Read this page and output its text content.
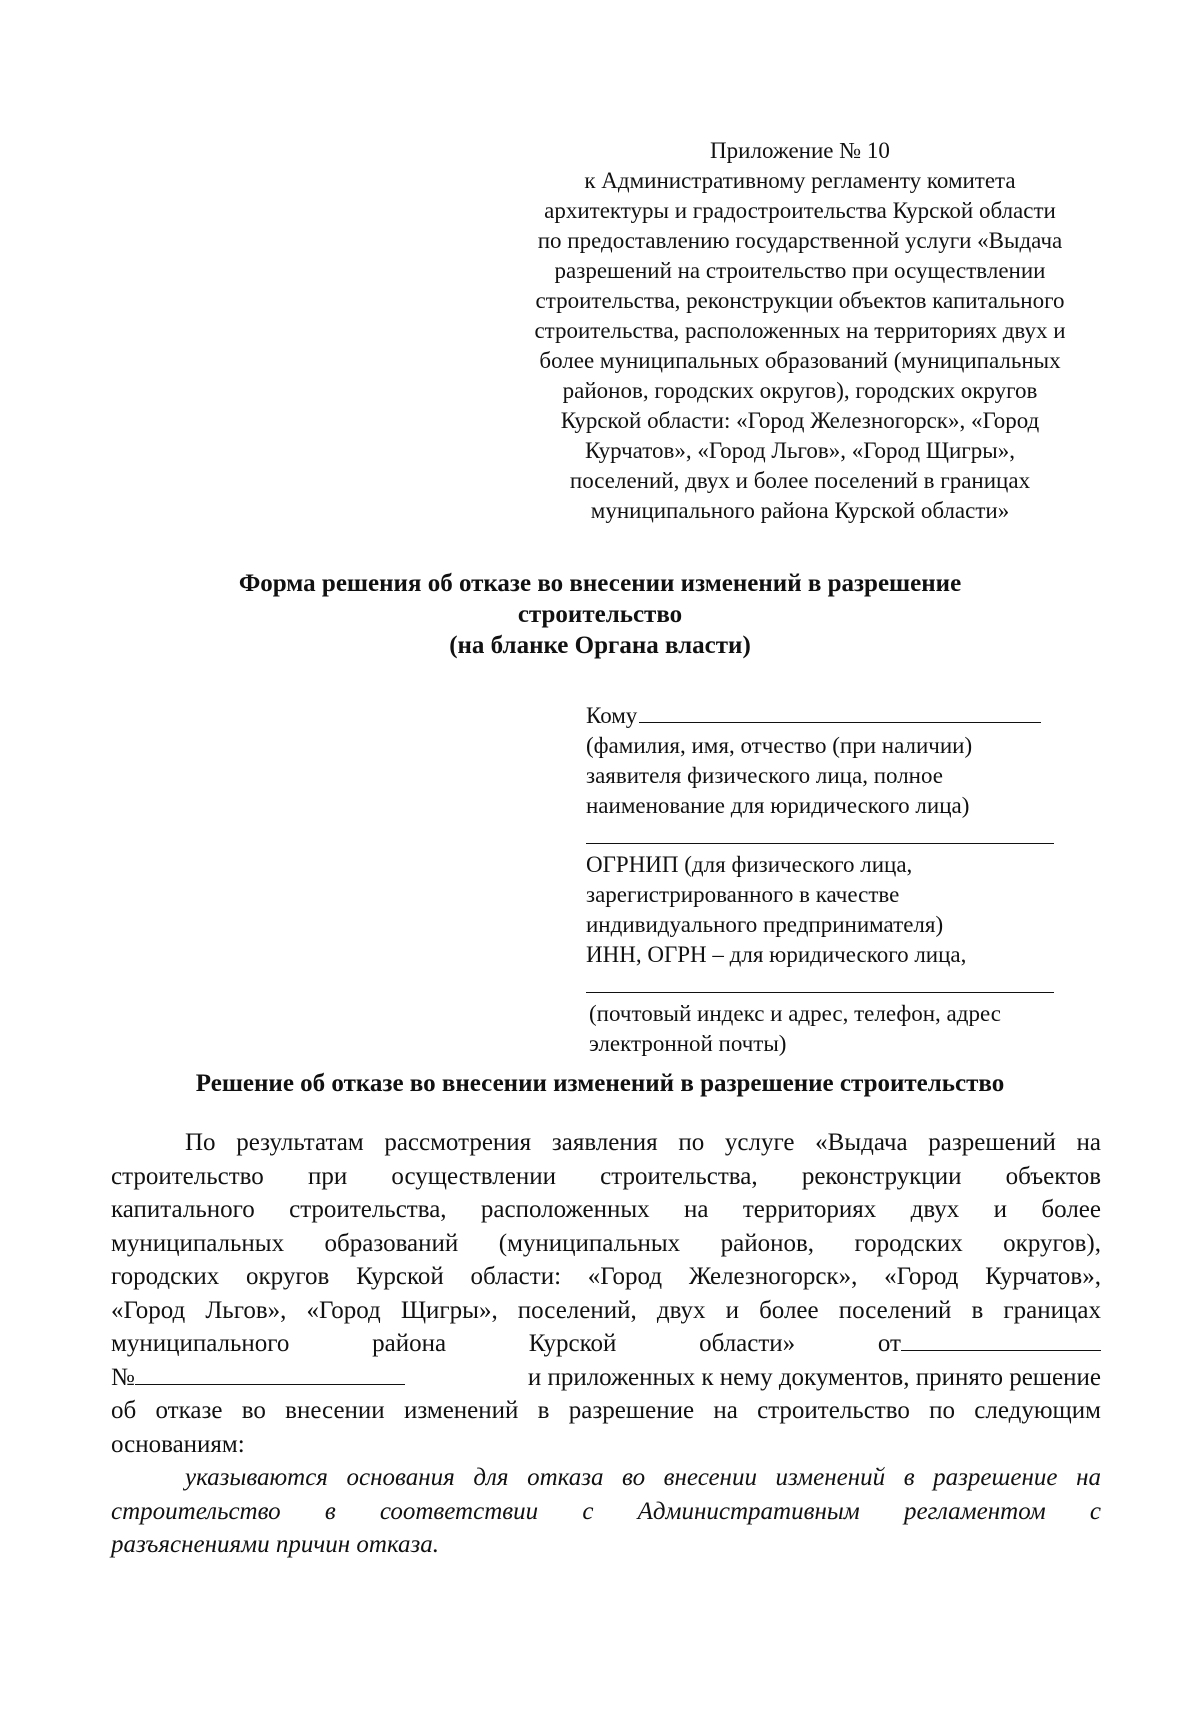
Приложение № 10
к Административному регламенту комитета
архитектуры и градостроительства Курской области
по предоставлению государственной услуги «Выдача
разрешений на строительство при осуществлении
строительства, реконструкции объектов капитального
строительства, расположенных на территориях двух и
более муниципальных образований (муниципальных
районов, городских округов), городских округов
Курской области: «Город Железногорск», «Город
Курчатов», «Город Льгов», «Город Щигры»,
поселений, двух и более поселений в границах
муниципального района Курской области»
Форма решения об отказе во внесении изменений в разрешение
строительство
(на бланке Органа власти)
Кому
(фамилия, имя, отчество (при наличии)
заявителя физического лица, полное
наименование для юридического лица)
ОГРНИП (для физического лица,
зарегистрированного в качестве
индивидуального предпринимателя)
ИНН, ОГРН – для юридического лица,
(почтовый индекс и адрес, телефон, адрес
электронной почты)
Решение об отказе во внесении изменений в разрешение строительство
По результатам рассмотрения заявления по услуге «Выдача разрешений на
строительство при осуществлении строительства, реконструкции объектов
капитального строительства, расположенных на территориях двух и более
муниципальных образований (муниципальных районов, городских округов),
городских округов Курской области: «Город Железногорск», «Город Курчатов»,
«Город Льгов», «Город Щигры», поселений, двух и более поселений в границах
муниципального	района	Курской	области»	от
№	и приложенных к нему документов, принято решение
об отказе во внесении изменений в разрешение на строительство по следующим
основаниям:
указываются основания для отказа во внесении изменений в разрешение на
строительство в соответствии с Административным регламентом с
разъяснениями причин отказа.
